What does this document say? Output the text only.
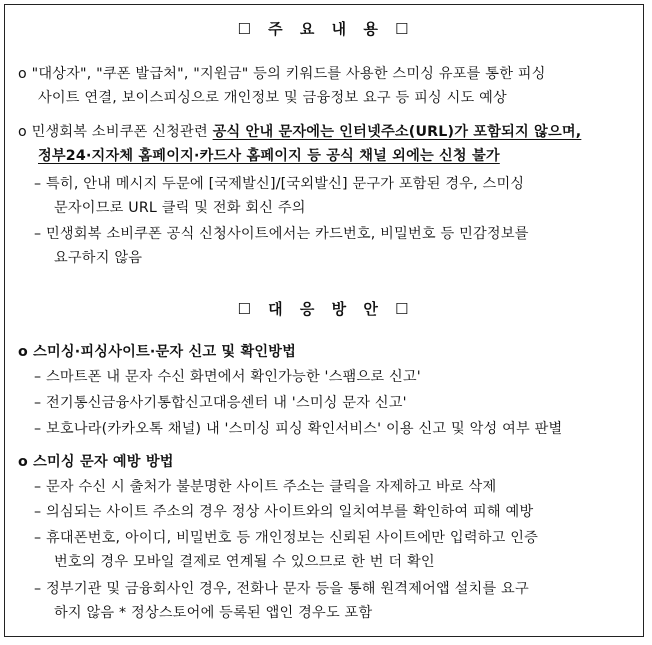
☐ 주 요 내 용 ☐
o "대상자", "쿠폰 발급처", "지원금" 등의 키워드를 사용한 스미싱 유포를 통한 피싱
사이트 연결, 보이스피싱으로 개인정보 및 금융정보 요구 등 피싱 시도 예상
o 민생회복 소비쿠폰 신청관련 공식 안내 문자에는 인터넷주소(URL)가 포함되지 않으며,
정부24·지자체 홈페이지·카드사 홈페이지 등 공식 채널 외에는 신청 불가
– 특히, 안내 메시지 두문에 [국제발신]/[국외발신] 문구가 포함된 경우, 스미싱
문자이므로 URL 클릭 및 전화 회신 주의
– 민생회복 소비쿠폰 공식 신청사이트에서는 카드번호, 비밀번호 등 민감정보를
요구하지 않음
☐ 대 응 방 안 ☐
o 스미싱·피싱사이트·문자 신고 및 확인방법
– 스마트폰 내 문자 수신 화면에서 확인가능한 '스팸으로 신고'
– 전기통신금융사기통합신고대응센터 내 '스미싱 문자 신고'
– 보호나라(카카오톡 채널) 내 '스미싱 피싱 확인서비스' 이용 신고 및 악성 여부 판별
o 스미싱 문자 예방 방법
– 문자 수신 시 출처가 불분명한 사이트 주소는 클릭을 자제하고 바로 삭제
– 의심되는 사이트 주소의 경우 정상 사이트와의 일치여부를 확인하여 피해 예방
– 휴대폰번호, 아이디, 비밀번호 등 개인정보는 신뢰된 사이트에만 입력하고 인증
번호의 경우 모바일 결제로 연계될 수 있으므로 한 번 더 확인
– 정부기관 및 금융회사인 경우, 전화나 문자 등을 통해 원격제어앱 설치를 요구
하지 않음 * 정상스토어에 등록된 앱인 경우도 포함
